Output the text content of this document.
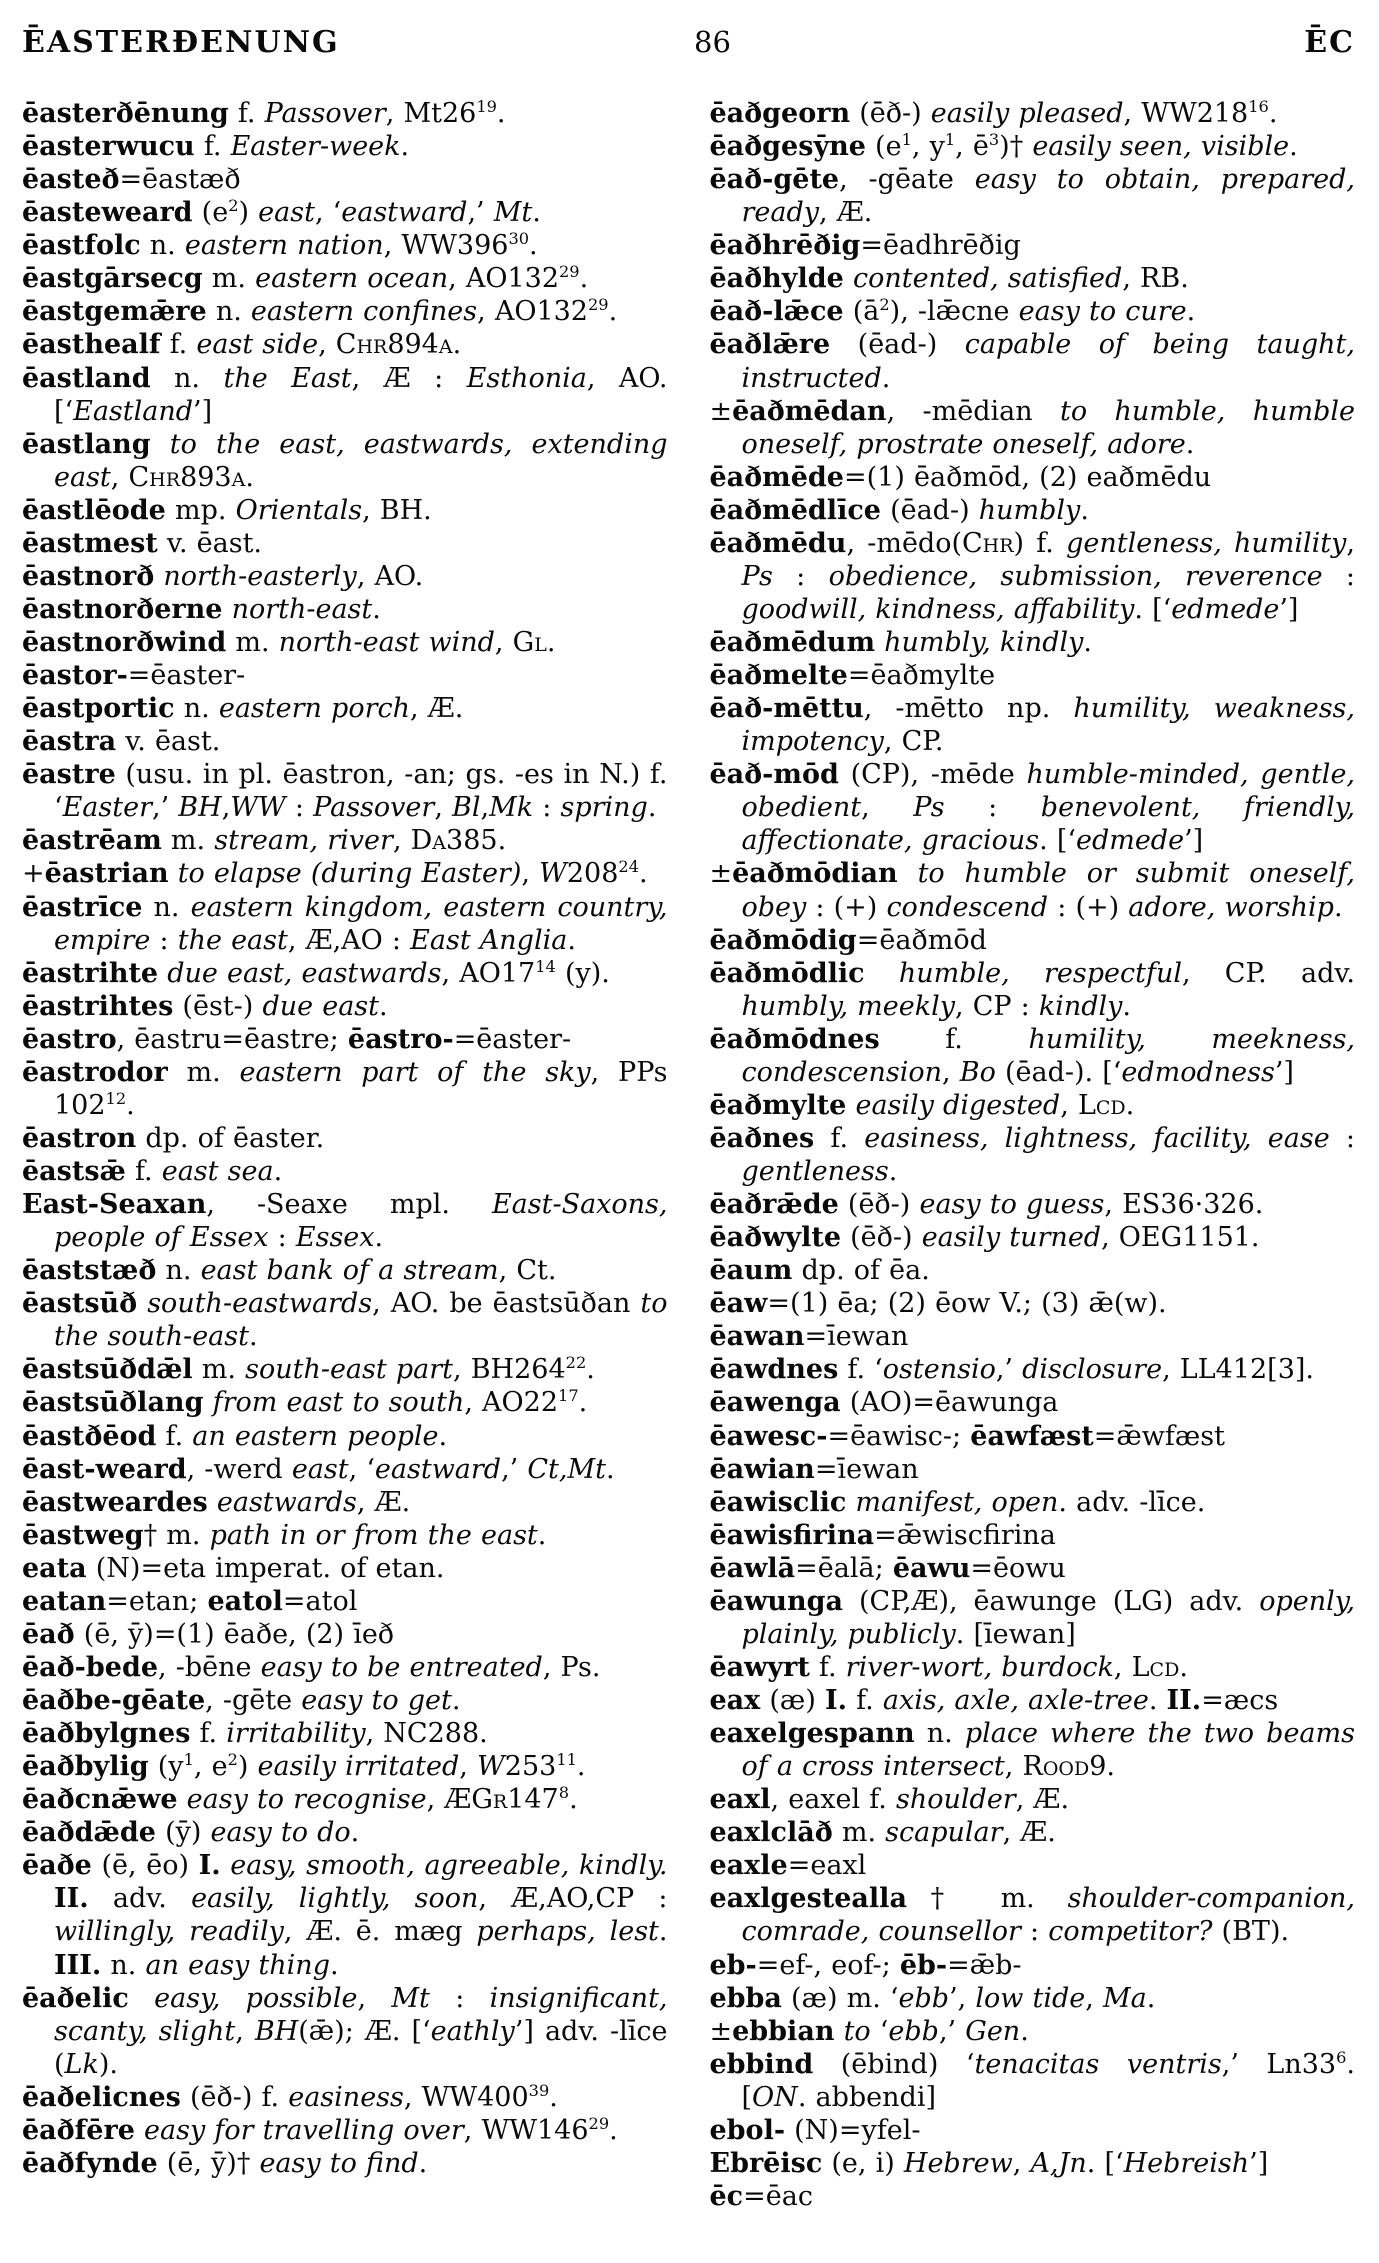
ĒASTERÐENUNG	86	ĒC

ēasterðēnung f. Passover, $Mt26^{19}$.

ēasterwucu f. Easter-week.

ēasteð=ēastæð

ēasteweard $(e^2)$ east, ‘eastward,’ Mt.

ēastfolc n. eastern nation, $WW396^{30}$.

ēastgārsecg m. eastern ocean, $AO132^{29}$.

ēastgemǣre n. eastern confines, $AO132^{29}$.

ēasthealf f. east side, Chr894a.

ēastland n. the East, Æ : Esthonia, AO. [‘Eastland’]

ēastlang to the east, eastwards, extending east, Chr893a.

ēastlēode mp. Orientals, BH.

ēastmest v. ēast.

ēastnorð north-easterly, AO.

ēastnorðerne north-east.

ēastnorðwind m. north-east wind, Gl.

ēastor-=ēaster-

ēastportic n. eastern porch, Æ.

ēastra v. ēast.

ēastre (usu. in pl. ēastron, -an; gs. -es in N.) f. ‘Easter,’ BH,WW : Passover, Bl,Mk : spring.

ēastrēam m. stream, river, Da385.

+ēastrian to elapse (during Easter), $W208^{24}$.

ēastrīce n. eastern kingdom, eastern country, empire : the east, Æ,AO : East Anglia.

ēastrihte due east, eastwards, $AO17^{14}$ (y).

ēastrihtes (ēst-) due east.

ēastro, ēastru=ēastre; ēastro-=ēaster-

ēastrodor m. eastern part of the sky, PPs $102^{12}$.

ēastron dp. of ēaster.

ēastsǣ f. east sea.

East-Seaxan, -Seaxe mpl. East-Saxons, people of Essex : Essex.

ēaststæð n. east bank of a stream, Ct.

ēastsūð south-eastwards, AO. be ēastsūðan to the south-east.

ēastsūðdǣl m. south-east part, $BH264^{22}$.

ēastsūðlang from east to south, $AO22^{17}$.

ēastðēod f. an eastern people.

ēast-weard, -werd east, ‘eastward,’ Ct,Mt.

ēastweardes eastwards, Æ.

ēastweg† m. path in or from the east.

eata (N)=eta imperat. of etan.

eatan=etan; eatol=atol

ēað (ē, ȳ)=(1) ēaðe, (2) īeð

ēað-bede, -bēne easy to be entreated, Ps.

ēaðbe-gēate, -gēte easy to get.

ēaðbylgnes f. irritability, NC288.

ēaðbylig ($y^1$, $e^2$) easily irritated, $W253^{11}$.

ēaðcnǣwe easy to recognise, $ÆGr147^8$.

ēaðdǣde (ȳ) easy to do.

ēaðe (ē, ēo) I. easy, smooth, agreeable, kindly. II. adv. easily, lightly, soon, Æ,AO,CP : willingly, readily, Æ. ē. mæg perhaps, lest. III. n. an easy thing.

ēaðelic easy, possible, Mt : insignificant, scanty, slight, BH(ǣ); Æ. [‘eathly’] adv. -līce (Lk).

ēaðelicnes (ēð-) f. easiness, $WW400^{39}$.

ēaðfēre easy for travelling over, $WW146^{29}$.

ēaðfynde (ē, ȳ)† easy to find.

ēaðgeorn (ēð-) easily pleased, $WW218^{16}$.

ēaðgesȳne ($e^1$, $y^1$, $ē^3)\dagger$ easily seen, visible.

ēað-gēte, -gēate easy to obtain, prepared, ready, Æ.

ēaðhrēðig=ēadhrēðig

ēaðhylde contented, satisfied, RB.

ēað-lǣce $(ā^2)$, -lǣcne easy to cure.

ēaðlǣre (ēad-) capable of being taught, instructed.

±ēaðmēdan, -mēdian to humble, humble oneself, prostrate oneself, adore.

ēaðmēde=(1) ēaðmōd, (2) eaðmēdu

ēaðmēdlīce (ēad-) humbly.

ēaðmēdu, -mēdo(Chr) f. gentleness, humility, Ps : obedience, submission, reverence : goodwill, kindness, affability. [‘edmede’]

ēaðmēdum humbly, kindly.

ēaðmelte=ēaðmylte

ēað-mēttu, -mētto np. humility, weakness, impotency, CP.

ēað-mōd (CP), -mēde humble-minded, gentle, obedient, Ps : benevolent, friendly, affectionate, gracious. [‘edmede’]

±ēaðmōdian to humble or submit oneself, obey : (+) condescend : (+) adore, worship.

ēaðmōdig=ēaðmōd

ēaðmōdlic humble, respectful, CP. adv. humbly, meekly, CP : kindly.

ēaðmōdnes f. humility, meekness, condescension, Bo (ēad-). [‘edmodness’]

ēaðmylte easily digested, Lcd.

ēaðnes f. easiness, lightness, facility, ease : gentleness.

ēaðrǣde (ēð-) easy to guess, ES36·326.

ēaðwylte (ēð-) easily turned, OEG1151.

ēaum dp. of ēa.

ēaw=(1) ēa; (2) ēow V.; (3) ǣ(w).

ēawan=īewan

ēawdnes f. ‘ostensio,’ disclosure, LL412[3].

ēawenga (AO)=ēawunga

ēawesc-=ēawisc-; ēawfæst=ǣwfæst

ēawian=īewan

ēawisclic manifest, open. adv. -līce.

ēawisfirina=ǣwiscfirina

ēawlā=ēalā; ēawu=ēowu

ēawunga (CP,Æ), ēawunge (LG) adv. openly, plainly, publicly. [īewan]

ēawyrt f. river-wort, burdock, Lcd.

eax (æ) I. f. axis, axle, axle-tree. II.=æcs

eaxelgespann n. place where the two beams of a cross intersect, Rood9.

eaxl, eaxel f. shoulder, Æ.

eaxlclāð m. scapular, Æ.

eaxle=eaxl

eaxlgestealla† m. shoulder-companion, comrade, counsellor : competitor? (BT).

eb-=ef-, eof-; ēb-=ǣb-

ebba (æ) m. ‘ebb’, low tide, Ma.

±ebbian to ‘ebb,’ Gen.

ebbind (ēbind) ‘tenacitas ventris,’ $Ln33^6$. [ON. abbendi]

ebol- (N)=yfel-

Ebrēisc (e, i) Hebrew, A,Jn. [‘Hebreish’]

ēc=ēac
